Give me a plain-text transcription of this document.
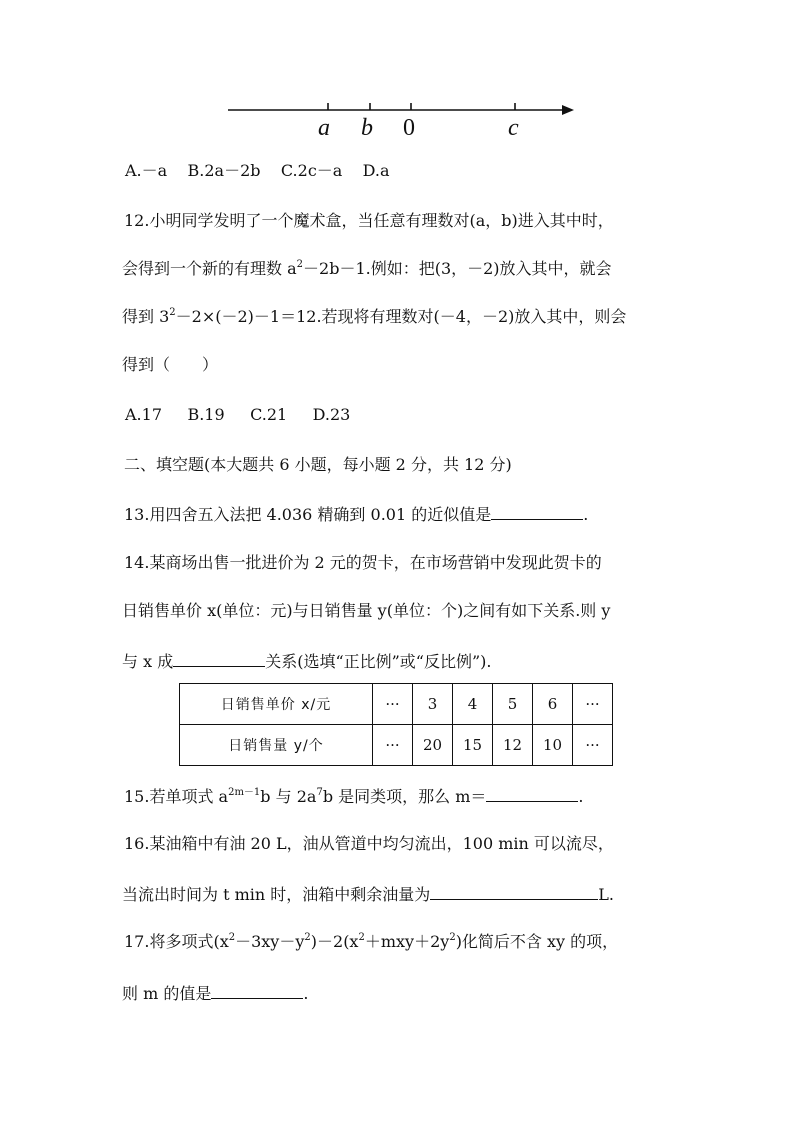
a b 0	c
A.－a B.2a－2b C.2c－a D.a
12.小明同学发明了一个魔术盒，当任意有理数对(a，b)进入其中时，
会得到一个新的有理数 $a^2-2b-1$.例如：把(3，－2)放入其中，就会
得到 $3^2-2\times(-2)-1=12$.若现将有理数对(－4，－2)放入其中，则会
得到（　　）
A.17 B.19 C.21 D.23
二、填空题(本大题共 6 小题，每小题 2 分，共 12 分)
13.用四舍五入法把 4.036 精确到 0.01 的近似值是	.
14.某商场出售一批进价为 2 元的贺卡，在市场营销中发现此贺卡的
日销售单价 x(单位：元)与日销售量 y(单位：个)之间有如下关系.则 y
与 x 成	关系(选填“正比例”或“反比例”).
日销售单价 x/元	···	3	4	5	6	···
日销售量 y/个	···	20	15	12	10	···
15.若单项式 $a^{2m-1}b$ 与 $2a^7b$ 是同类项，那么 m＝	.
16.某油箱中有油 20 L，油从管道中均匀流出，100 min 可以流尽，
当流出时间为 t min 时，油箱中剩余油量为	L.
17.将多项式$(x^2-3xy-y^2)-2(x^2+mxy+2y^2)$化简后不含 xy 的项，
则 m 的值是	.
